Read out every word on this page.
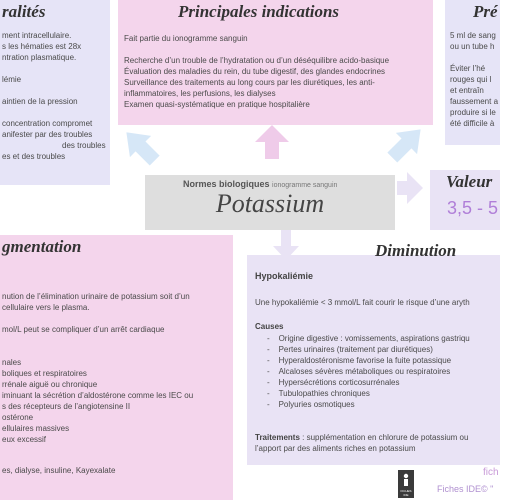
ralités
ment intracellulaire.
s les hématies est 28x
ntration plasmatique.
lémie
aintien de la pression
concentration compromet
anifester par des troubles
des troubles
es et des troubles
Principales indications
Fait partie du ionogramme sanguin
Recherche d’un trouble de l’hydratation ou d’un déséquilibre acido-basique
Évaluation des maladies du rein, du tube digestif, des glandes endocrines
Surveillance des traitements au long cours par les diurétiques, les anti-inflammatoires, les perfusions, les dialyses
Examen quasi-systématique en pratique hospitalière
Pré
5 ml de sang
ou un tube h
Éviter l’hé
rouges qui l
et entraîn
faussement a
produire si le
été difficile à
Normes biologiques ionogramme sanguin
Potassium
Valeur
3,5 - 5
gmentation
nution de l’élimination urinaire de potassium soit d’un
cellulaire vers le plasma.
mol/L peut se compliquer d’un arrêt cardiaque
nales
boliques et respiratoires
rrénale aiguë ou chronique
iminuant la sécrétion d’aldostérone comme les IEC ou
s des récepteurs de l’angiotensine II
ostérone
ellulaires massives
eux excessif
es, dialyse, insuline, Kayexalate
Diminution
Hypokaliémie
Une hypokaliémie < 3 mmol/L fait courir le risque d’une aryth
Causes
-    Origine digestive : vomissements, aspirations gastriqu
-    Pertes urinaires (traitement par diurétiques)
-    Hyperaldostéronisme favorise la fuite potassique
-    Alcaloses sévères métaboliques ou respiratoires
-    Hypersécrétions corticosurrénales
-    Tubulopathies chroniques
-    Polyuries osmotiques
Traitements : supplémentation en chlorure de potassium ou
l’apport par des aliments riches en potassium
fich
Fiches IDE© "
FICHES IDE
